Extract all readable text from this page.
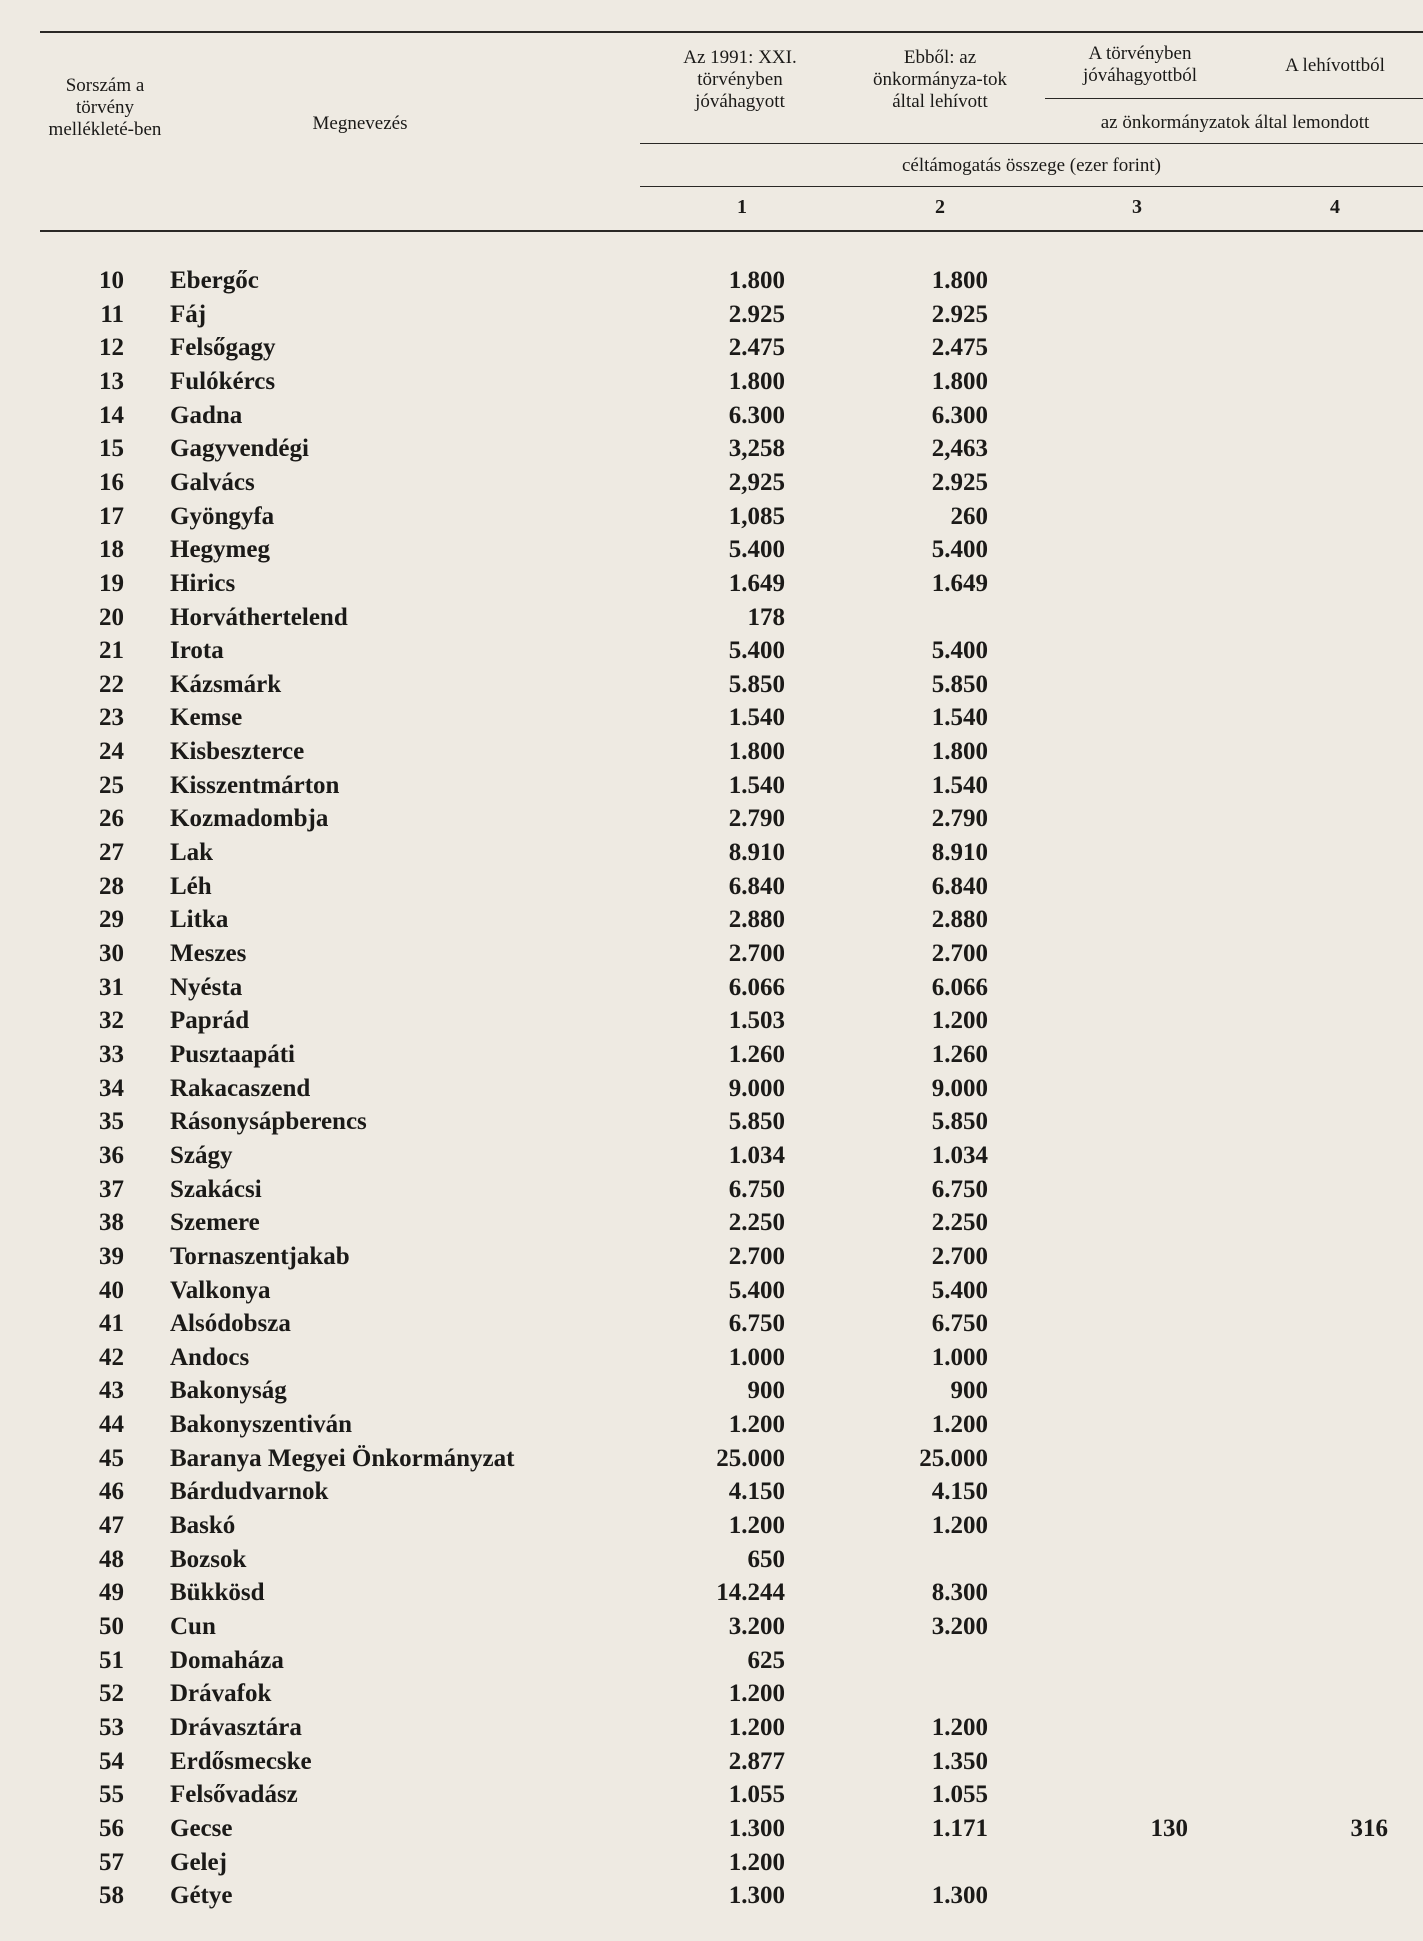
Sorszám a törvény mellékleté-ben	Megnevezés
Az 1991: XXI. törvényben jóváhagyott
Ebből: az önkormányza-tok által lehívott
A törvényben jóváhagyottból	A lehívottból
az önkormányzatok által lemondott
céltámogatás összege (ezer forint)
1	2	3	4
10 Ebergőc	1.800	1.800
11 Fáj	2.925	2.925
12 Felsőgagy	2.475	2.475
13 Fulókércs	1.800	1.800
14 Gadna	6.300	6.300
15 Gagyvendégi	3,258	2,463
16 Galvács	2,925	2.925
17 Gyöngyfa	1,085	260
18 Hegymeg	5.400	5.400
19 Hirics	1.649	1.649
20 Horváthertelend	178
21 Irota	5.400	5.400
22 Kázsmárk	5.850	5.850
23 Kemse	1.540	1.540
24 Kisbeszterce	1.800	1.800
25 Kisszentmárton	1.540	1.540
26 Kozmadombja	2.790	2.790
27 Lak	8.910	8.910
28 Léh	6.840	6.840
29 Litka	2.880	2.880
30 Meszes	2.700	2.700
31 Nyésta	6.066	6.066
32 Paprád	1.503	1.200
33 Pusztaapáti	1.260	1.260
34 Rakacaszend	9.000	9.000
35 Rásonysápberencs	5.850	5.850
36 Szágy	1.034	1.034
37 Szakácsi	6.750	6.750
38 Szemere	2.250	2.250
39 Tornaszentjakab	2.700	2.700
40 Valkonya	5.400	5.400
41 Alsódobsza	6.750	6.750
42 Andocs	1.000	1.000
43 Bakonyság	900	900
44 Bakonyszentiván	1.200	1.200
45 Baranya Megyei Önkormányzat	25.000	25.000
46 Bárdudvarnok	4.150	4.150
47 Baskó	1.200	1.200
48 Bozsok	650
49 Bükkösd	14.244	8.300
50 Cun	3.200	3.200
51 Domaháza	625
52 Drávafok	1.200
53 Drávasztára	1.200	1.200
54 Erdősmecske	2.877	1.350
55 Felsővadász	1.055	1.055
56 Gecse	1.300	1.171	130	316
57 Gelej	1.200
58 Gétye	1.300	1.300
